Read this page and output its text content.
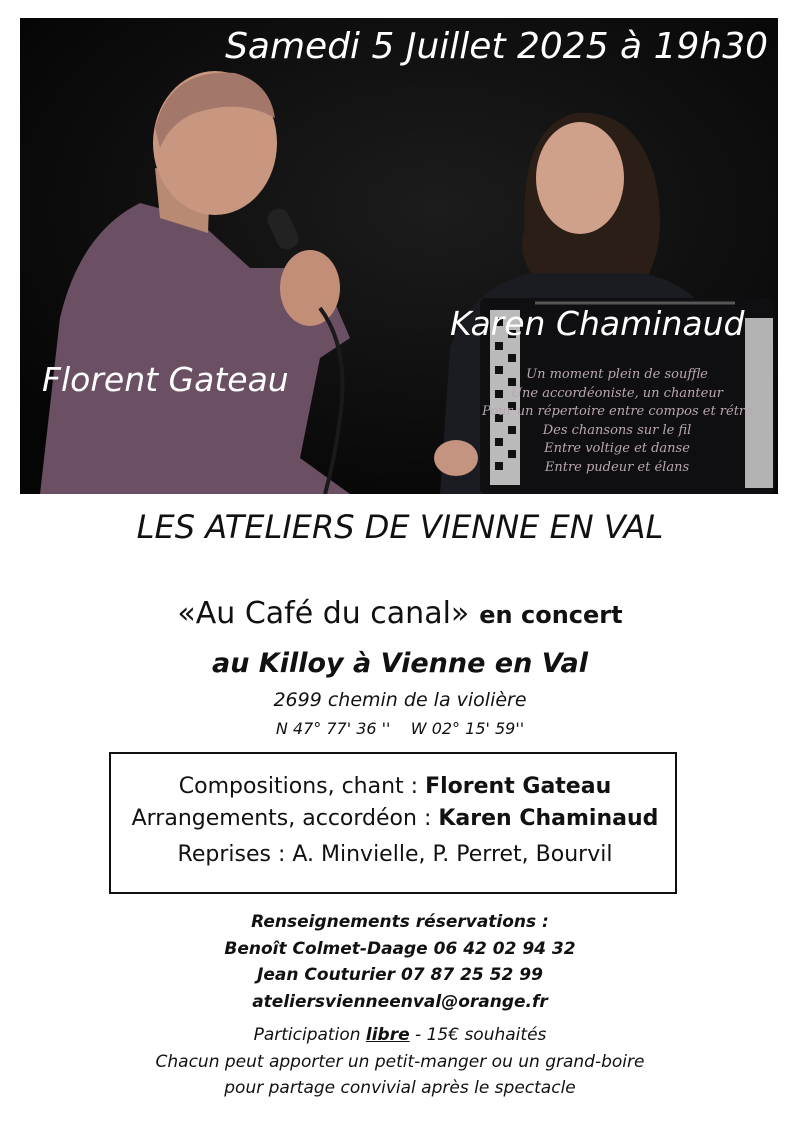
Samedi 5 Juillet 2025 à 19h30
Karen Chaminaud
Florent Gateau	Un moment plein de souffle
Une accordéoniste, un chanteur
Pour un répertoire entre compos et rétro
Des chansons sur le fil
Entre voltige et danse
Entre pudeur et élans
LES ATELIERS DE VIENNE EN VAL
«Au Café du canal» en concert
au Killoy à Vienne en Val
2699 chemin de la violière
N 47° 77' 36 ''    W 02° 15' 59''
Compositions, chant : Florent Gateau
Arrangements, accordéon : Karen Chaminaud
Reprises : A. Minvielle, P. Perret, Bourvil
Renseignements réservations :
Benoît Colmet-Daage 06 42 02 94 32
Jean Couturier 07 87 25 52 99
ateliersvienneenval@orange.fr
Participation libre - 15€ souhaités
Chacun peut apporter un petit-manger ou un grand-boire
pour partage convivial après le spectacle
